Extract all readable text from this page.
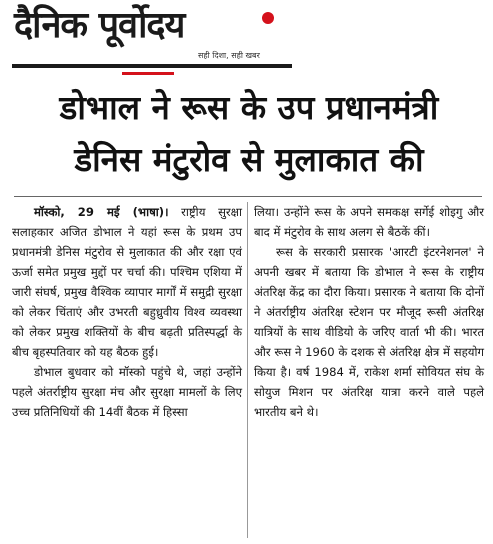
दैनिक पूर्वोदय
सही दिशा, सही खबर
डोभाल ने रूस के उप प्रधानमंत्री
डेनिस मंटुरोव से मुलाकात की

मॉस्को, 29 मई (भाषा)। राष्ट्रीय सुरक्षा सलाहकार अजित डोभाल ने यहां रूस के प्रथम उप प्रधानमंत्री डेनिस मंटुरोव से मुलाकात की और रक्षा एवं ऊर्जा समेत प्रमुख मुद्दों पर चर्चा की। पश्चिम एशिया में जारी संघर्ष, प्रमुख वैश्विक व्यापार मार्गों में समुद्री सुरक्षा को लेकर चिंताएं और उभरती बहुध्रुवीय विश्व व्यवस्था को लेकर प्रमुख शक्तियों के बीच बढ़ती प्रतिस्पर्द्धा के बीच बृहस्पतिवार को यह बैठक हुई।

डोभाल बुधवार को मॉस्को पहुंचे थे, जहां उन्होंने पहले अंतर्राष्ट्रीय सुरक्षा मंच और सुरक्षा मामलों के लिए उच्च प्रतिनिधियों की 14वीं बैठक में हिस्सा

लिया। उन्होंने रूस के अपने समकक्ष सर्गेई शोइगु और बाद में मंटुरोव के साथ अलग से बैठकें कीं।

रूस के सरकारी प्रसारक 'आरटी इंटरनेशनल' ने अपनी खबर में बताया कि डोभाल ने रूस के राष्ट्रीय अंतरिक्ष केंद्र का दौरा किया। प्रसारक ने बताया कि दोनों ने अंतर्राष्ट्रीय अंतरिक्ष स्टेशन पर मौजूद रूसी अंतरिक्ष यात्रियों के साथ वीडियो के जरिए वार्ता भी की। भारत और रूस ने 1960 के दशक से अंतरिक्ष क्षेत्र में सहयोग किया है। वर्ष 1984 में, राकेश शर्मा सोवियत संघ के सोयुज मिशन पर अंतरिक्ष यात्रा करने वाले पहले भारतीय बने थे।
